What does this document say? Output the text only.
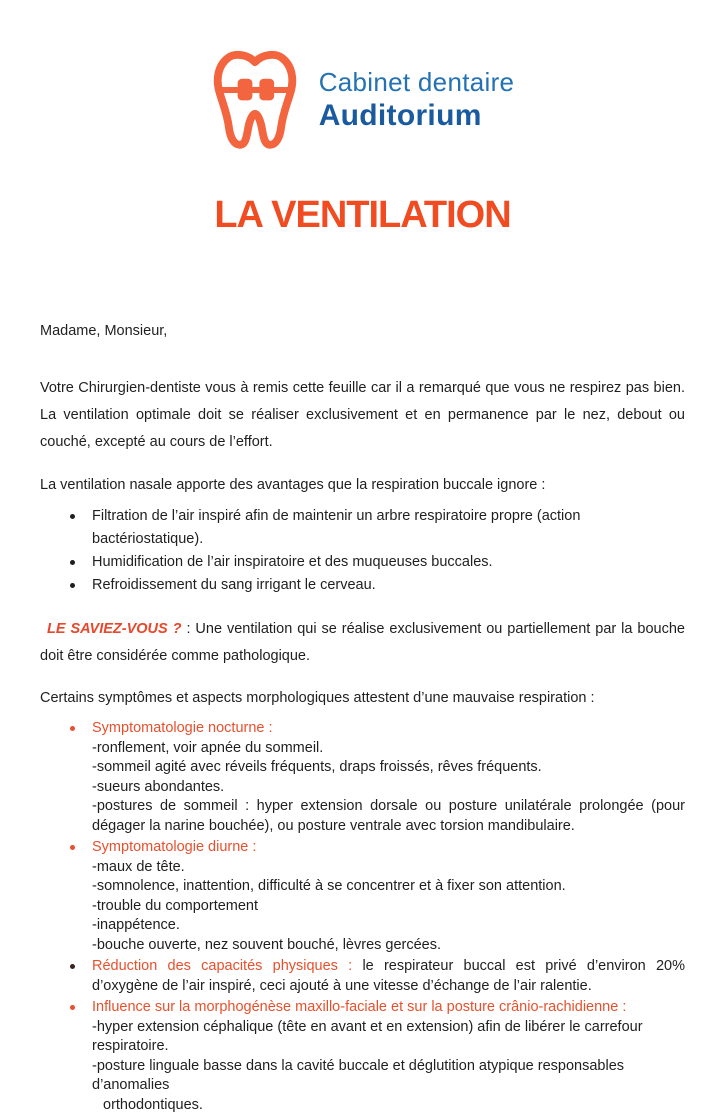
Cabinet dentaire
Auditorium
LA VENTILATION

Madame, Monsieur,

Votre Chirurgien-dentiste vous à remis cette feuille car il a remarqué que vous ne respirez pas bien. La ventilation optimale doit se réaliser exclusivement et en permanence par le nez, debout ou couché, excepté au cours de l’effort.

La ventilation nasale apporte des avantages que la respiration buccale ignore :

Filtration de l’air inspiré afin de maintenir un arbre respiratoire propre (action bactériostatique).
Humidification de l’air inspiratoire et des muqueuses buccales.
Refroidissement du sang irrigant le cerveau.

LE SAVIEZ-VOUS ? : Une ventilation qui se réalise exclusivement ou partiellement par la bouche doit être considérée comme pathologique.

Certains symptômes et aspects morphologiques attestent d’une mauvaise respiration :

Symptomatologie nocturne :
-ronflement, voir apnée du sommeil.
-sommeil agité avec réveils fréquents, draps froissés, rêves fréquents.
-sueurs abondantes.
-postures de sommeil : hyper extension dorsale ou posture unilatérale prolongée (pour dégager la narine bouchée), ou posture ventrale avec torsion mandibulaire.
Symptomatologie diurne :
-maux de tête.
-somnolence, inattention, difficulté à se concentrer et à fixer son attention.
-trouble du comportement
-inappétence.
-bouche ouverte, nez souvent bouché, lèvres gercées.
Réduction des capacités physiques : le respirateur buccal est privé d’environ 20% d’oxygène de l’air inspiré, ceci ajouté à une vitesse d’échange de l’air ralentie.
Influence sur la morphogénèse maxillo-faciale et sur la posture crânio-rachidienne :
-hyper extension céphalique (tête en avant et en extension) afin de libérer le carrefour respiratoire.
-posture linguale basse dans la cavité buccale et déglutition atypique responsables d’anomalies
orthodontiques.
